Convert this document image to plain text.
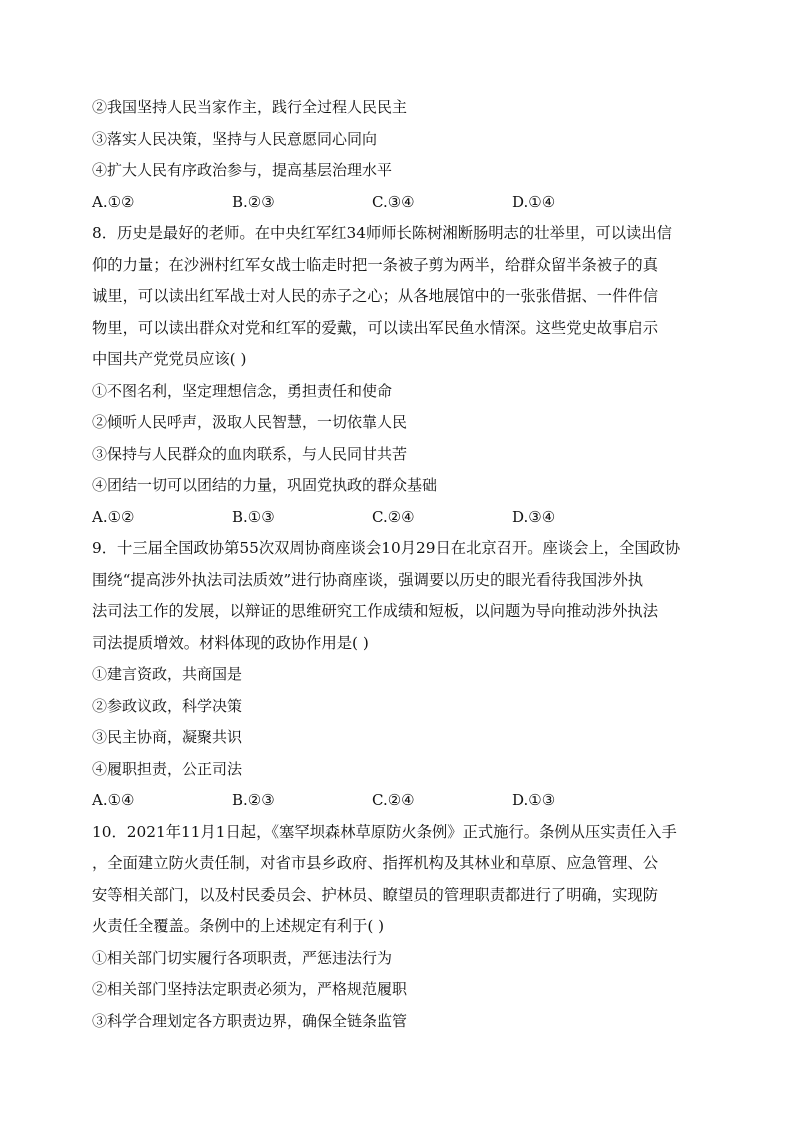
②我国坚持人民当家作主，践行全过程人民民主
③落实人民决策，坚持与人民意愿同心同向
④扩大人民有序政治参与，提高基层治理水平
A.①②	B.②③	C.③④	D.①④
8．历史是最好的老师。在中央红军红34师师长陈树湘断肠明志的壮举里，可以读出信
仰的力量；在沙洲村红军女战士临走时把一条被子剪为两半，给群众留半条被子的真
诚里，可以读出红军战士对人民的赤子之心；从各地展馆中的一张张借据、一件件信
物里，可以读出群众对党和红军的爱戴，可以读出军民鱼水情深。这些党史故事启示
中国共产党党员应该( )
①不图名利，坚定理想信念，勇担责任和使命
②倾听人民呼声，汲取人民智慧，一切依靠人民
③保持与人民群众的血肉联系，与人民同甘共苦
④团结一切可以团结的力量，巩固党执政的群众基础
A.①②	B.①③	C.②④	D.③④
9．十三届全国政协第55次双周协商座谈会10月29日在北京召开。座谈会上，全国政协
围绕“提高涉外执法司法质效”进行协商座谈，强调要以历史的眼光看待我国涉外执
法司法工作的发展，以辩证的思维研究工作成绩和短板，以问题为导向推动涉外执法
司法提质增效。材料体现的政协作用是( )
①建言资政，共商国是
②参政议政，科学决策
③民主协商，凝聚共识
④履职担责，公正司法
A.①④	B.②③	C.②④	D.①③
10．2021年11月1日起，《塞罕坝森林草原防火条例》正式施行。条例从压实责任入手
，全面建立防火责任制，对省市县乡政府、指挥机构及其林业和草原、应急管理、公
安等相关部门，以及村民委员会、护林员、瞭望员的管理职责都进行了明确，实现防
火责任全覆盖。条例中的上述规定有利于( )
①相关部门切实履行各项职责，严惩违法行为
②相关部门坚持法定职责必须为，严格规范履职
③科学合理划定各方职责边界，确保全链条监管
